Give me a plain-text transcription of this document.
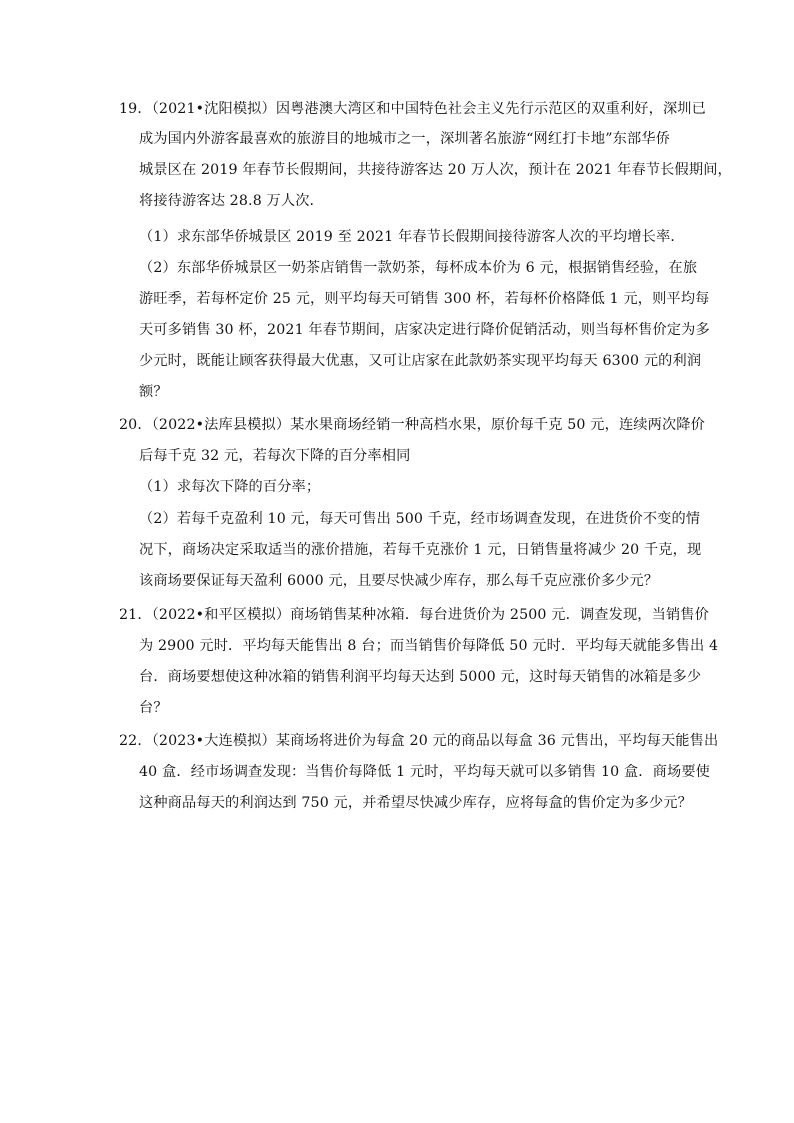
19．（2021•沈阳模拟）因粤港澳大湾区和中国特色社会主义先行示范区的双重利好，深圳已
成为国内外游客最喜欢的旅游目的地城市之一，深圳著名旅游“网红打卡地”东部华侨
城景区在 2019 年春节长假期间，共接待游客达 20 万人次，预计在 2021 年春节长假期间，
将接待游客达 28.8 万人次．
（1）求东部华侨城景区 2019 至 2021 年春节长假期间接待游客人次的平均增长率．
（2）东部华侨城景区一奶茶店销售一款奶茶，每杯成本价为 6 元，根据销售经验，在旅
游旺季，若每杯定价 25 元，则平均每天可销售 300 杯，若每杯价格降低 1 元，则平均每
天可多销售 30 杯，2021 年春节期间，店家决定进行降价促销活动，则当每杯售价定为多
少元时，既能让顾客获得最大优惠，又可让店家在此款奶茶实现平均每天 6300 元的利润
额？
20．（2022•法库县模拟）某水果商场经销一种高档水果，原价每千克 50 元，连续两次降价
后每千克 32 元，若每次下降的百分率相同
（1）求每次下降的百分率；
（2）若每千克盈利 10 元，每天可售出 500 千克，经市场调查发现，在进货价不变的情
况下，商场决定采取适当的涨价措施，若每千克涨价 1 元，日销售量将减少 20 千克，现
该商场要保证每天盈利 6000 元，且要尽快减少库存，那么每千克应涨价多少元？
21．（2022•和平区模拟）商场销售某种冰箱．每台进货价为 2500 元．调查发现，当销售价
为 2900 元时．平均每天能售出 8 台；而当销售价每降低 50 元时．平均每天就能多售出 4
台．商场要想使这种冰箱的销售利润平均每天达到 5000 元，这时每天销售的冰箱是多少
台？
22．（2023•大连模拟）某商场将进价为每盒 20 元的商品以每盒 36 元售出，平均每天能售出
40 盒．经市场调查发现：当售价每降低 1 元时，平均每天就可以多销售 10 盒．商场要使
这种商品每天的利润达到 750 元，并希望尽快减少库存，应将每盒的售价定为多少元？
